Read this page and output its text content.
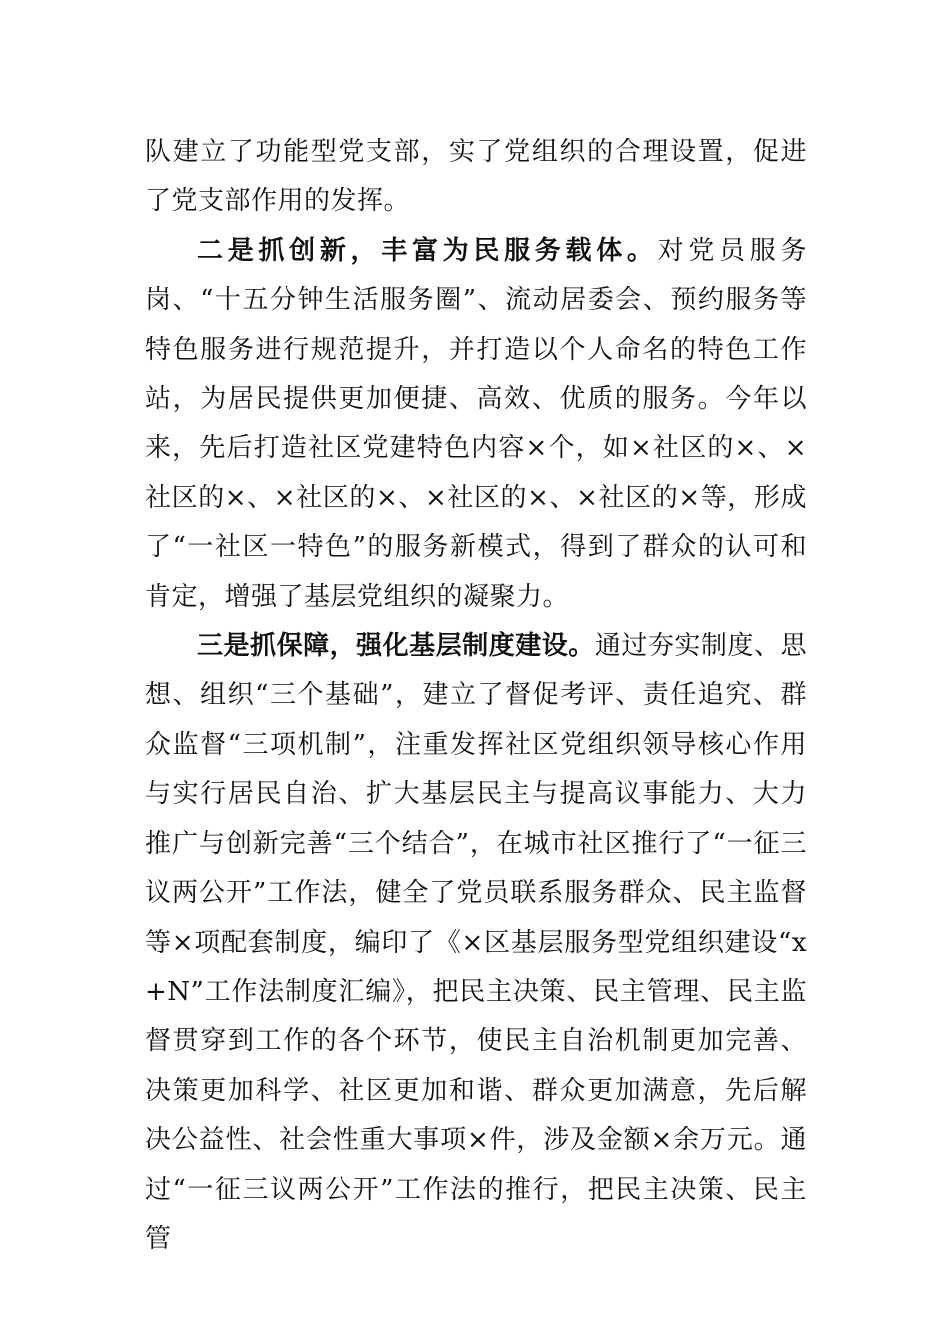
队建立了功能型党支部，实了党组织的合理设置，促进了党支部作用的发挥。

二是抓创新，丰富为民服务载体。对党员服务岗、“十五分钟生活服务圈”、流动居委会、预约服务等特色服务进行规范提升，并打造以个人命名的特色工作站，为居民提供更加便捷、高效、优质的服务。今年以来，先后打造社区党建特色内容×个，如×社区的×、×社区的×、×社区的×、×社区的×、×社区的×等，形成了“一社区一特色”的服务新模式，得到了群众的认可和肯定，增强了基层党组织的凝聚力。

三是抓保障，强化基层制度建设。通过夯实制度、思想、组织“三个基础”，建立了督促考评、责任追究、群众监督“三项机制”，注重发挥社区党组织领导核心作用与实行居民自治、扩大基层民主与提高议事能力、大力推广与创新完善“三个结合”，在城市社区推行了“一征三议两公开”工作法，健全了党员联系服务群众、民主监督等×项配套制度，编印了《×区基层服务型党组织建设“x+N”工作法制度汇编》，把民主决策、民主管理、民主监督贯穿到工作的各个环节，使民主自治机制更加完善、决策更加科学、社区更加和谐、群众更加满意，先后解决公益性、社会性重大事项×件，涉及金额×余万元。通过“一征三议两公开”工作法的推行，把民主决策、民主管
